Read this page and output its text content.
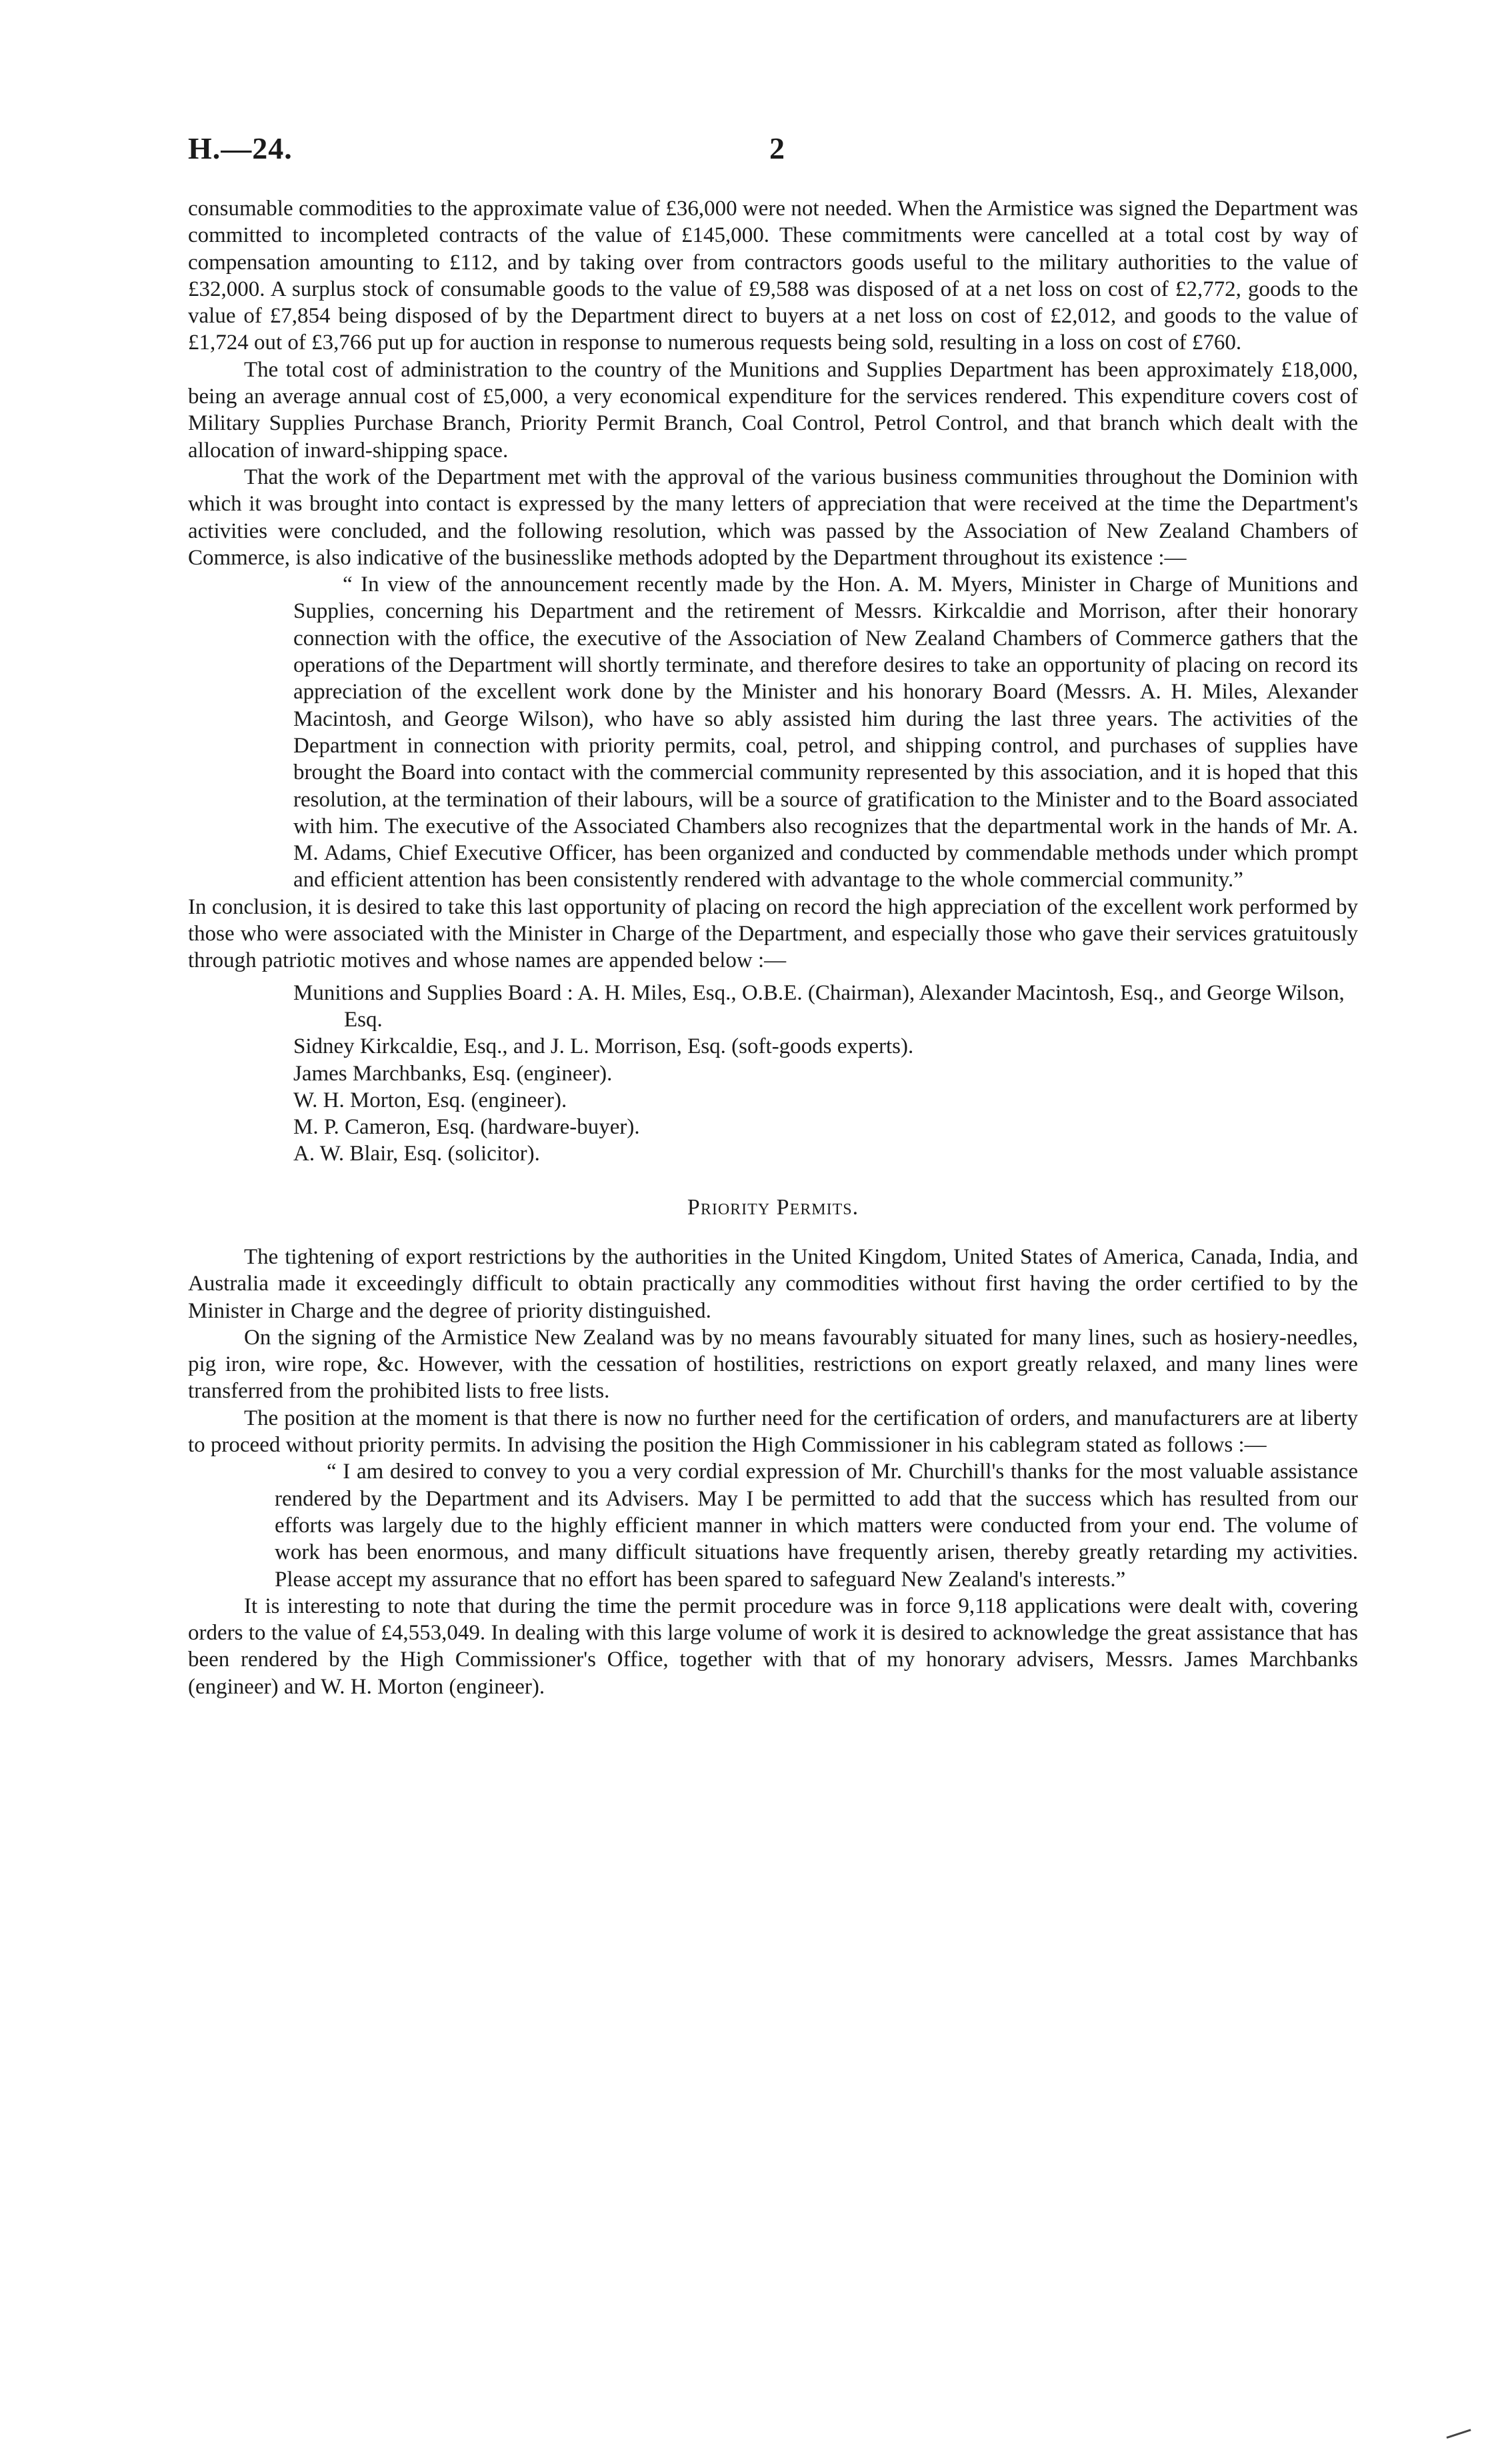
H.—24.	2

consumable commodities to the approximate value of £36,000 were not needed. When the Armistice was signed the Department was committed to incompleted contracts of the value of £145,000. These commitments were cancelled at a total cost by way of compensation amounting to £112, and by taking over from contractors goods useful to the military authorities to the value of £32,000. A surplus stock of consumable goods to the value of £9,588 was disposed of at a net loss on cost of £2,772, goods to the value of £7,854 being disposed of by the Department direct to buyers at a net loss on cost of £2,012, and goods to the value of £1,724 out of £3,766 put up for auction in response to numerous requests being sold, resulting in a loss on cost of £760.

The total cost of administration to the country of the Munitions and Supplies Department has been approximately £18,000, being an average annual cost of £5,000, a very economical expenditure for the services rendered. This expenditure covers cost of Military Supplies Purchase Branch, Priority Permit Branch, Coal Control, Petrol Control, and that branch which dealt with the allocation of inward-shipping space.

That the work of the Department met with the approval of the various business communities throughout the Dominion with which it was brought into contact is expressed by the many letters of appreciation that were received at the time the Department's activities were concluded, and the following resolution, which was passed by the Association of New Zealand Chambers of Commerce, is also indicative of the businesslike methods adopted by the Department throughout its existence :—

“ In view of the announcement recently made by the Hon. A. M. Myers, Minister in Charge of Munitions and Supplies, concerning his Department and the retirement of Messrs. Kirkcaldie and Morrison, after their honorary connection with the office, the executive of the Association of New Zealand Chambers of Commerce gathers that the operations of the Department will shortly terminate, and therefore desires to take an opportunity of placing on record its appreciation of the excellent work done by the Minister and his honorary Board (Messrs. A. H. Miles, Alexander Macintosh, and George Wilson), who have so ably assisted him during the last three years. The activities of the Department in connection with priority permits, coal, petrol, and shipping control, and purchases of supplies have brought the Board into contact with the commercial community represented by this association, and it is hoped that this resolution, at the termination of their labours, will be a source of gratification to the Minister and to the Board associated with him. The executive of the Associated Chambers also recognizes that the departmental work in the hands of Mr. A. M. Adams, Chief Executive Officer, has been organized and conducted by commendable methods under which prompt and efficient attention has been consistently rendered with advantage to the whole commercial community.”

In conclusion, it is desired to take this last opportunity of placing on record the high appreciation of the excellent work performed by those who were associated with the Minister in Charge of the Department, and especially those who gave their services gratuitously through patriotic motives and whose names are appended below :—

Munitions and Supplies Board : A. H. Miles, Esq., O.B.E. (Chairman), Alexander Macintosh, Esq., and George Wilson, Esq.
Sidney Kirkcaldie, Esq., and J. L. Morrison, Esq. (soft-goods experts).
James Marchbanks, Esq. (engineer).
W. H. Morton, Esq. (engineer).
M. P. Cameron, Esq. (hardware-buyer).
A. W. Blair, Esq. (solicitor).

Priority Permits.

The tightening of export restrictions by the authorities in the United Kingdom, United States of America, Canada, India, and Australia made it exceedingly difficult to obtain practically any commodities without first having the order certified to by the Minister in Charge and the degree of priority distinguished.

On the signing of the Armistice New Zealand was by no means favourably situated for many lines, such as hosiery-needles, pig iron, wire rope, &c. However, with the cessation of hostilities, restrictions on export greatly relaxed, and many lines were transferred from the prohibited lists to free lists.

The position at the moment is that there is now no further need for the certification of orders, and manufacturers are at liberty to proceed without priority permits. In advising the position the High Commissioner in his cablegram stated as follows :—

“ I am desired to convey to you a very cordial expression of Mr. Churchill's thanks for the most valuable assistance rendered by the Department and its Advisers. May I be permitted to add that the success which has resulted from our efforts was largely due to the highly efficient manner in which matters were conducted from your end. The volume of work has been enormous, and many difficult situations have frequently arisen, thereby greatly retarding my activities. Please accept my assurance that no effort has been spared to safeguard New Zealand's interests.”

It is interesting to note that during the time the permit procedure was in force 9,118 applications were dealt with, covering orders to the value of £4,553,049. In dealing with this large volume of work it is desired to acknowledge the great assistance that has been rendered by the High Commissioner's Office, together with that of my honorary advisers, Messrs. James Marchbanks (engineer) and W. H. Morton (engineer).
